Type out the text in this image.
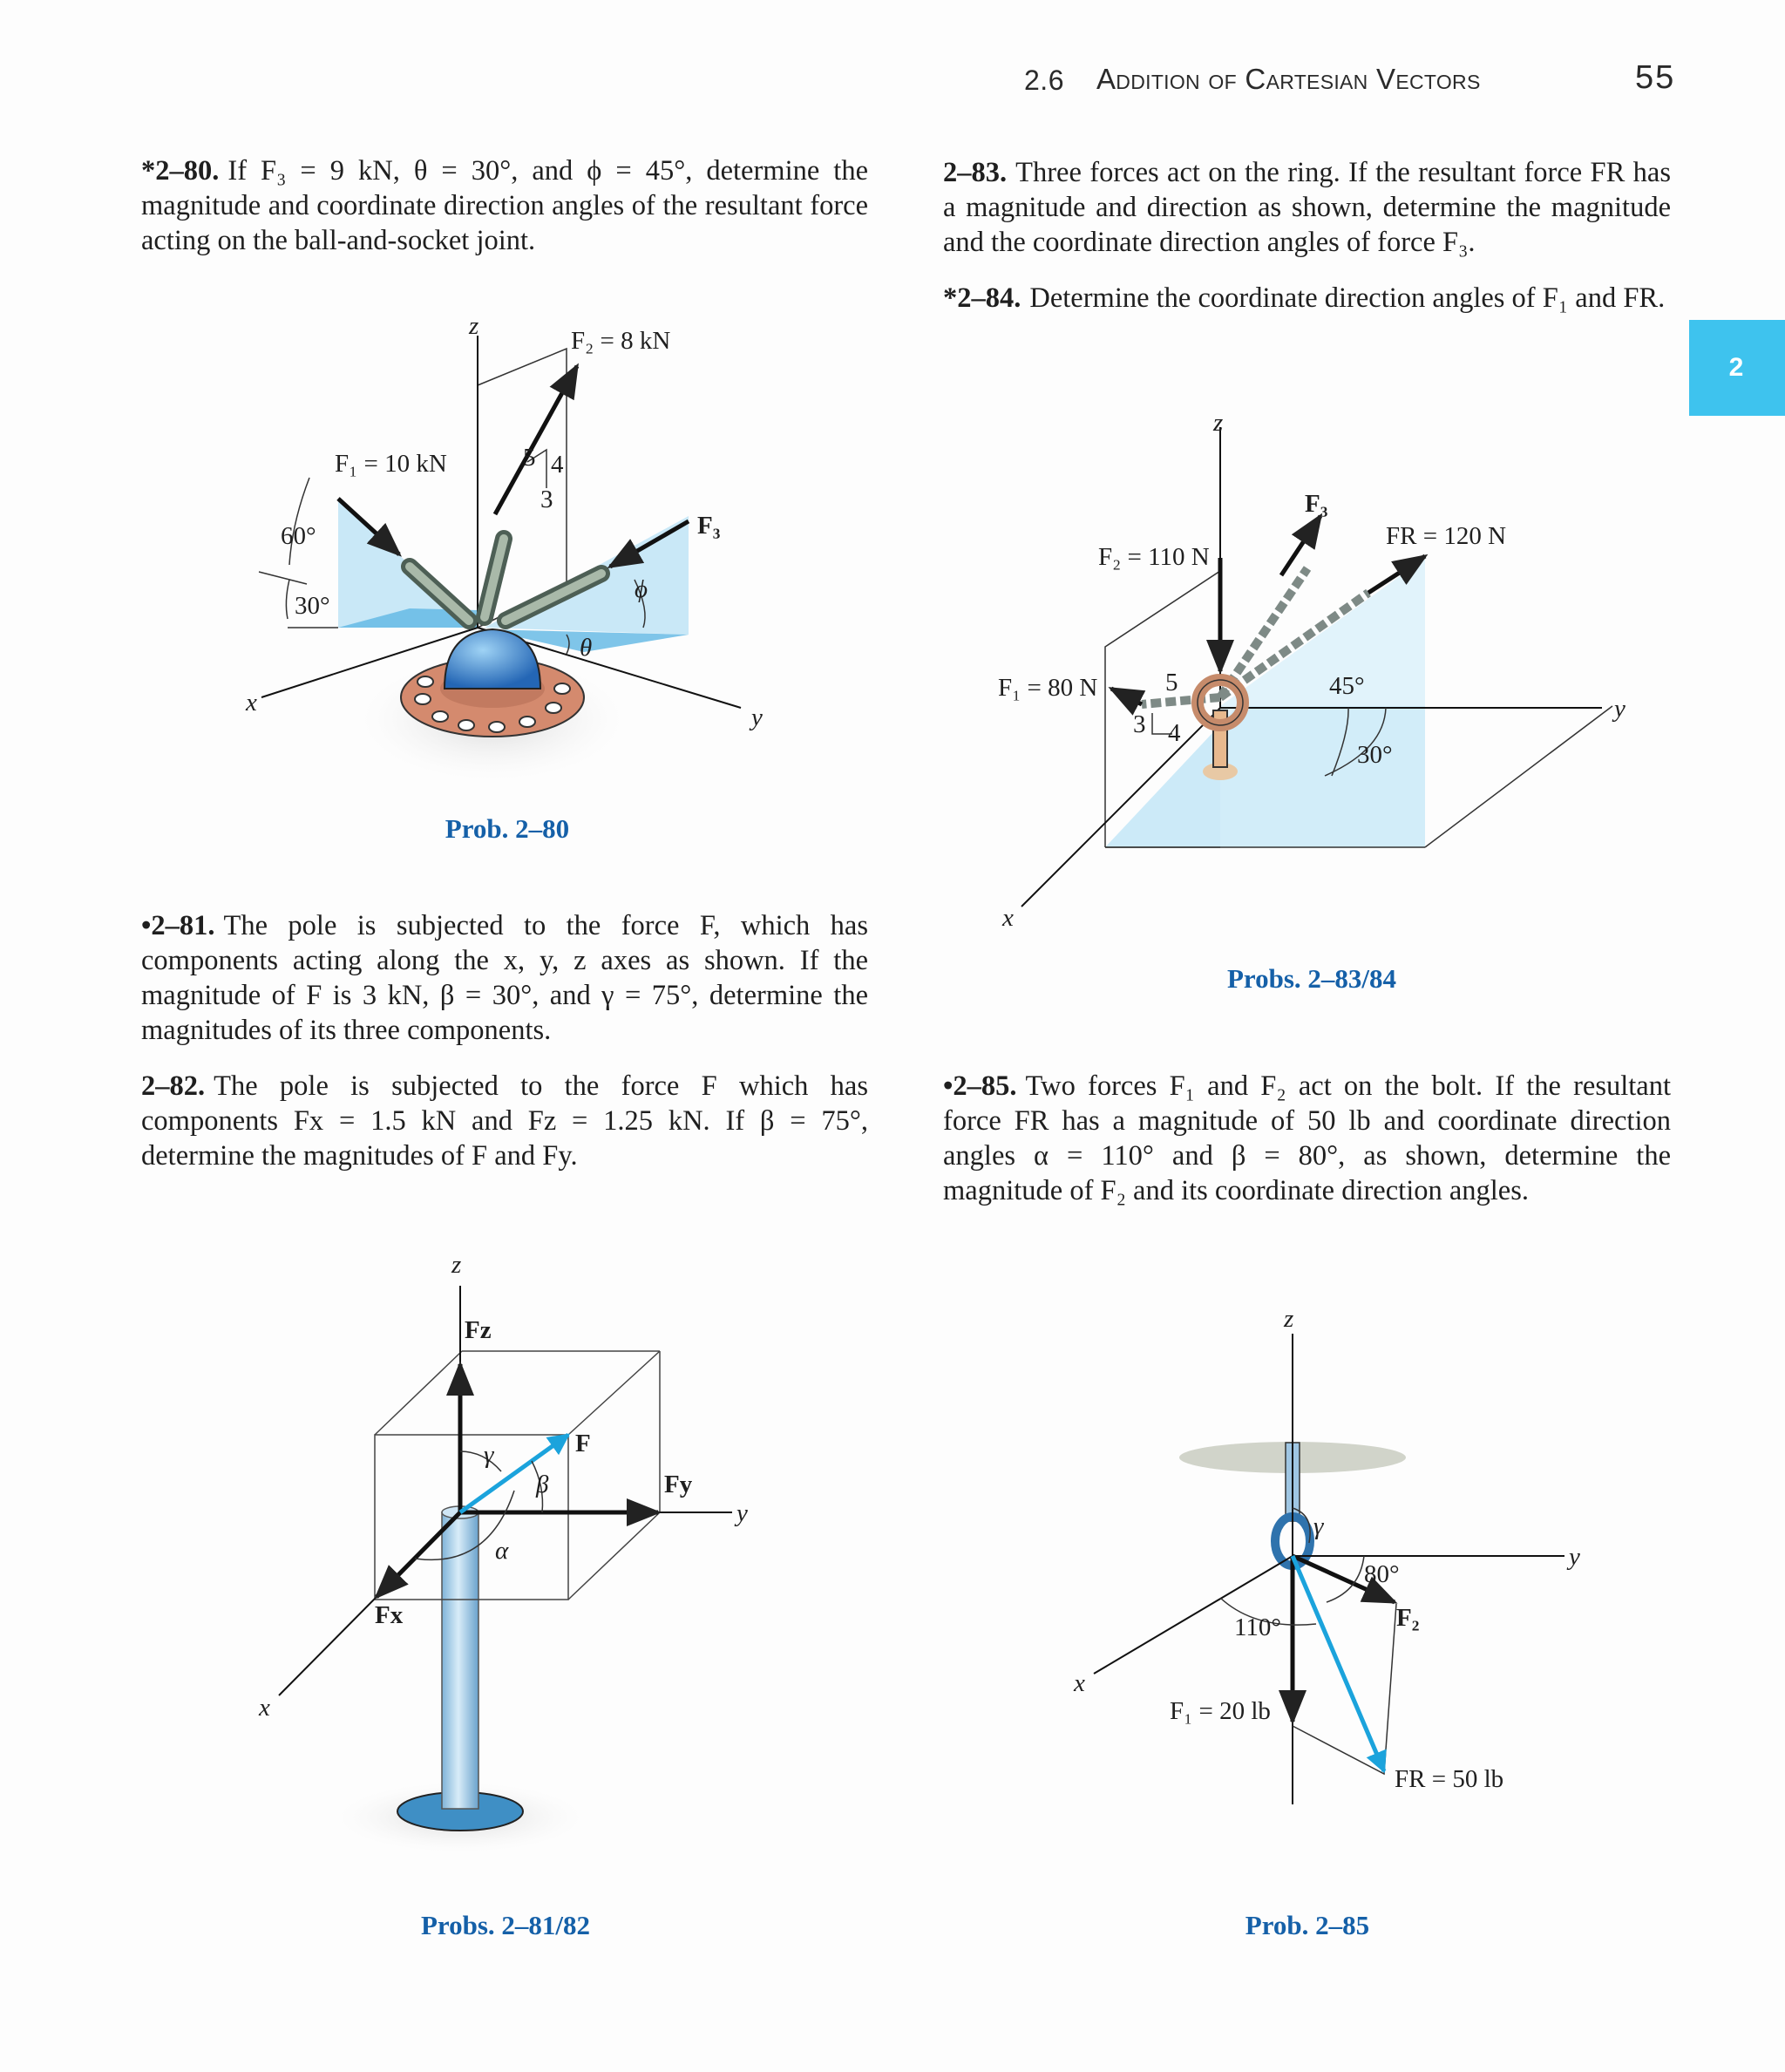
2.6 Addition of Cartesian Vectors	55
2
*2–80. If F₃ = 9 kN, θ = 30°, and ϕ = 45°, determine the magnitude and coordinate direction angles of the resultant force acting on the ball-and-socket joint.
•2–81. The pole is subjected to the force F, which has components acting along the x, y, z axes as shown. If the magnitude of F is 3 kN, β = 30°, and γ = 75°, determine the magnitudes of its three components.
2–82. The pole is subjected to the force F which has components Fx = 1.5 kN and Fz = 1.25 kN. If β = 75°, determine the magnitudes of F and Fy.
2–83. Three forces act on the ring. If the resultant force FR has a magnitude and direction as shown, determine the magnitude and the coordinate direction angles of force F₃.
*2–84. Determine the coordinate direction angles of F₁ and FR.
•2–85. Two forces F₁ and F₂ act on the bolt. If the resultant force FR has a magnitude of 50 lb and coordinate direction angles α = 110° and β = 80°, as shown, determine the magnitude of F₂ and its coordinate direction angles.
Prob. 2–80
Probs. 2–83/84
Probs. 2–81/82	Prob. 2–85
z
x
y
F₁ = 10 kN
F₂ = 8 kN
F₃
60°
30°
ϕ
θ
5 4
3
z
x
y
F₃
FR = 120 N
F₂ = 110 N
F₁ = 80 N	45°
30°
5
3 4
z
x
y
Fz
Fx
Fy
F
γ
β
α
z
x
y
γ
80°
F₂
110°
F₁ = 20 lb
FR = 50 lb
